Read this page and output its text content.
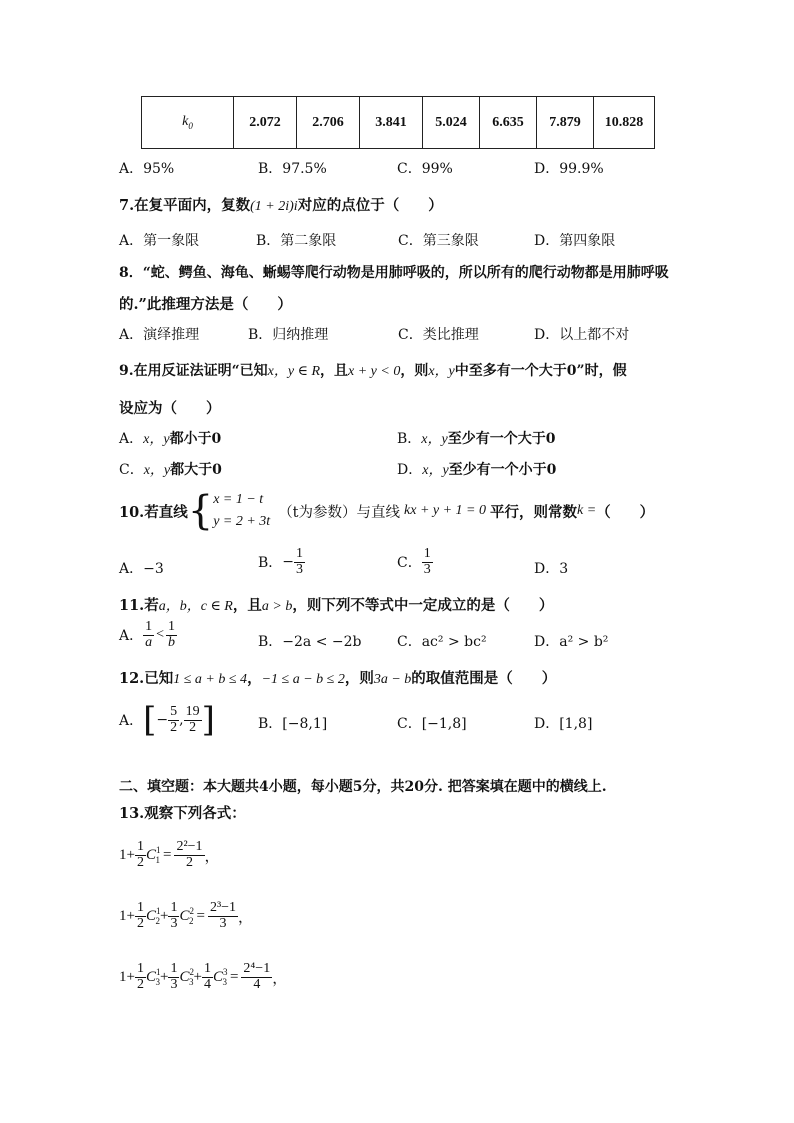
$k_0$	2.072	2.706	3.841	5.024	6.635	7.879	10.828
A．95%	B．97.5%	C．99%	D．99.9%
7.在复平面内，复数(1 + 2i)i对应的点位于（　　）
A．第一象限	B．第二象限	C．第三象限	D．第四象限
8．“蛇、鳄鱼、海龟、蜥蜴等爬行动物是用肺呼吸的，所以所有的爬行动物都是用肺呼吸
的.”此推理方法是（　　）
A．演绎推理	B．归纳推理	C．类比推理	D．以上都不对
9.在用反证法证明“已知x，y ∈ R，且x + y < 0，则x，y中至多有一个大于0”时，假
设应为（　　）
A．x，y都小于0	B．x，y至少有一个大于0
C．x，y都大于0	D．x，y至少有一个小于0
10.若直线 { x = 1 − t
y = 2 + 3t
（t为参数）与直线 kx + y + 1 = 0 平行，则常数 k = （　　）
A．−3	B． − $\frac{1}{3}$	C． $\frac{1}{3}$	D．3
11.若a，b，c ∈ R，且a > b，则下列不等式中一定成立的是（　　）
A． $\frac{1}{a} < \frac{1}{b}$	B．−2a < −2b	C．ac² > bc²	D．a² > b²
12.已知1 ≤ a + b ≤ 4，−1 ≤ a − b ≤ 2，则3a − b的取值范围是（　　）
A． [ − $\frac{5}{2}$ , $\frac{19}{2}$ ]	B．[−8,1]	C．[−1,8]	D．[1,8]
二、填空题：本大题共4小题，每小题5分，共20分. 把答案填在题中的横线上.
13.观察下列各式：
$1+ \frac{1}{2} C^1_1 = \frac{\text{2²−1}}{2}$ ，
$1+ \frac{1}{2} C^1_2 + \frac{1}{3} C^2_2 = \frac{\text{2³−1}}{3}$ ，
$1+ \frac{1}{2} C^1_3 + \frac{1}{3} C^2_3 + \frac{1}{4} C^3_3 = \frac{\text{2⁴−1}}{4}$ ，
